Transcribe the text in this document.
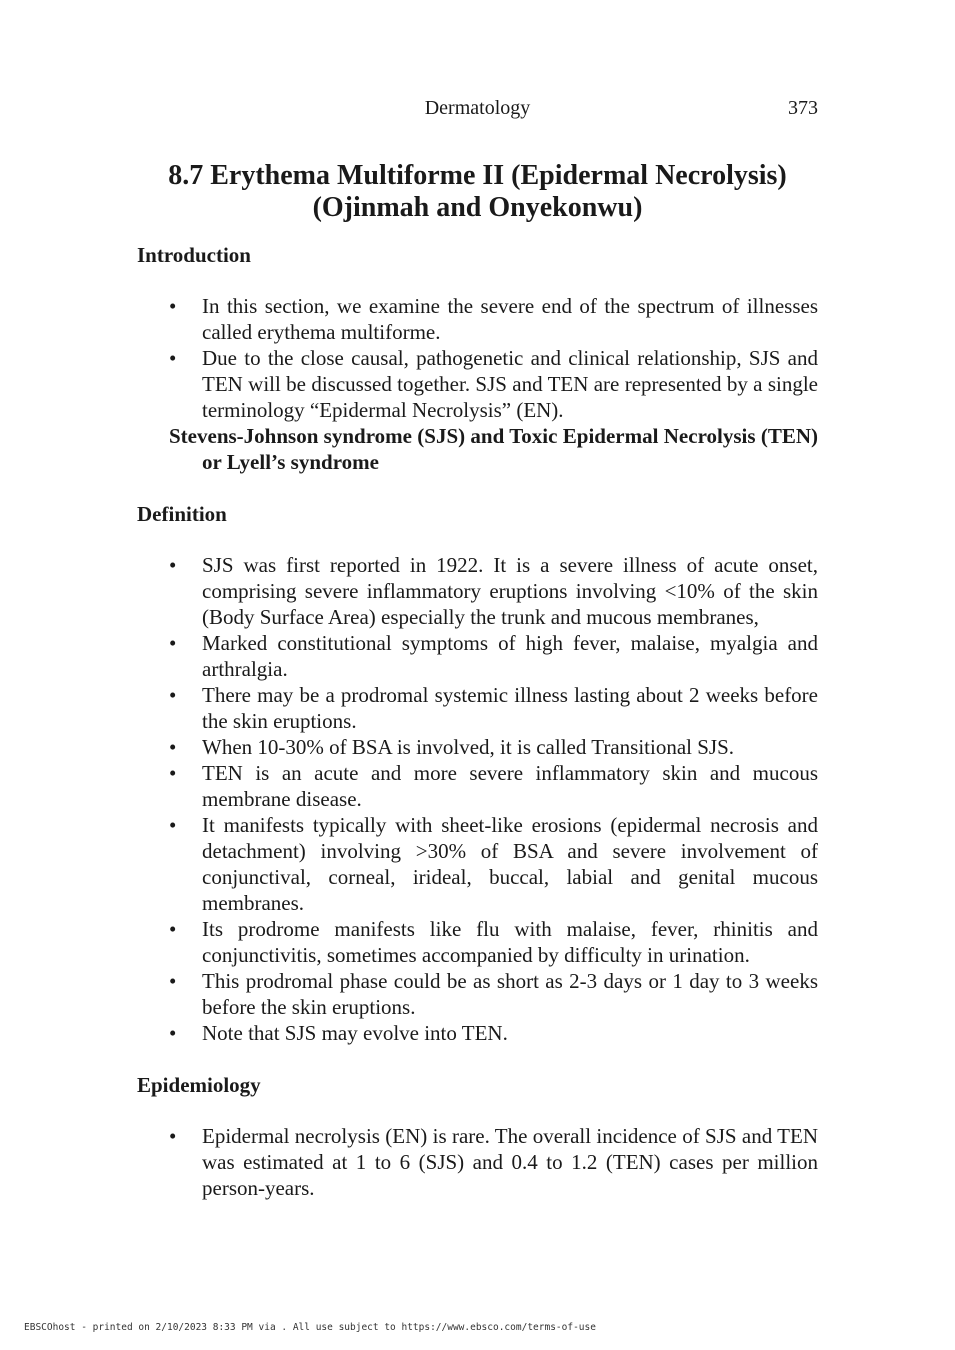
Dermatology	373
8.7 Erythema Multiforme II (Epidermal Necrolysis)
(Ojinmah and Onyekonwu)
Introduction
• In this section, we examine the severe end of the spectrum of illnesses called erythema multiforme.
• Due to the close causal, pathogenetic and clinical relationship, SJS and TEN will be discussed together. SJS and TEN are represented by a single terminology “Epidermal Necrolysis” (EN).
Stevens-Johnson syndrome (SJS) and Toxic Epidermal Necrolysis (TEN) or Lyell’s syndrome
Definition
• SJS was first reported in 1922. It is a severe illness of acute onset, comprising severe inflammatory eruptions involving <10% of the skin (Body Surface Area) especially the trunk and mucous membranes,
• Marked constitutional symptoms of high fever, malaise, myalgia and arthralgia.
• There may be a prodromal systemic illness lasting about 2 weeks before the skin eruptions.
• When 10-30% of BSA is involved, it is called Transitional SJS.
• TEN is an acute and more severe inflammatory skin and mucous membrane disease.
• It manifests typically with sheet-like erosions (epidermal necrosis and detachment) involving >30% of BSA and severe involvement of conjunctival, corneal, irideal, buccal, labial and genital mucous membranes.
• Its prodrome manifests like flu with malaise, fever, rhinitis and conjunctivitis, sometimes accompanied by difficulty in urination.
• This prodromal phase could be as short as 2-3 days or 1 day to 3 weeks before the skin eruptions.
• Note that SJS may evolve into TEN.
Epidemiology
• Epidermal necrolysis (EN) is rare. The overall incidence of SJS and TEN was estimated at 1 to 6 (SJS) and 0.4 to 1.2 (TEN) cases per million person-years.
EBSCOhost - printed on 2/10/2023 8:33 PM via . All use subject to https://www.ebsco.com/terms-of-use
